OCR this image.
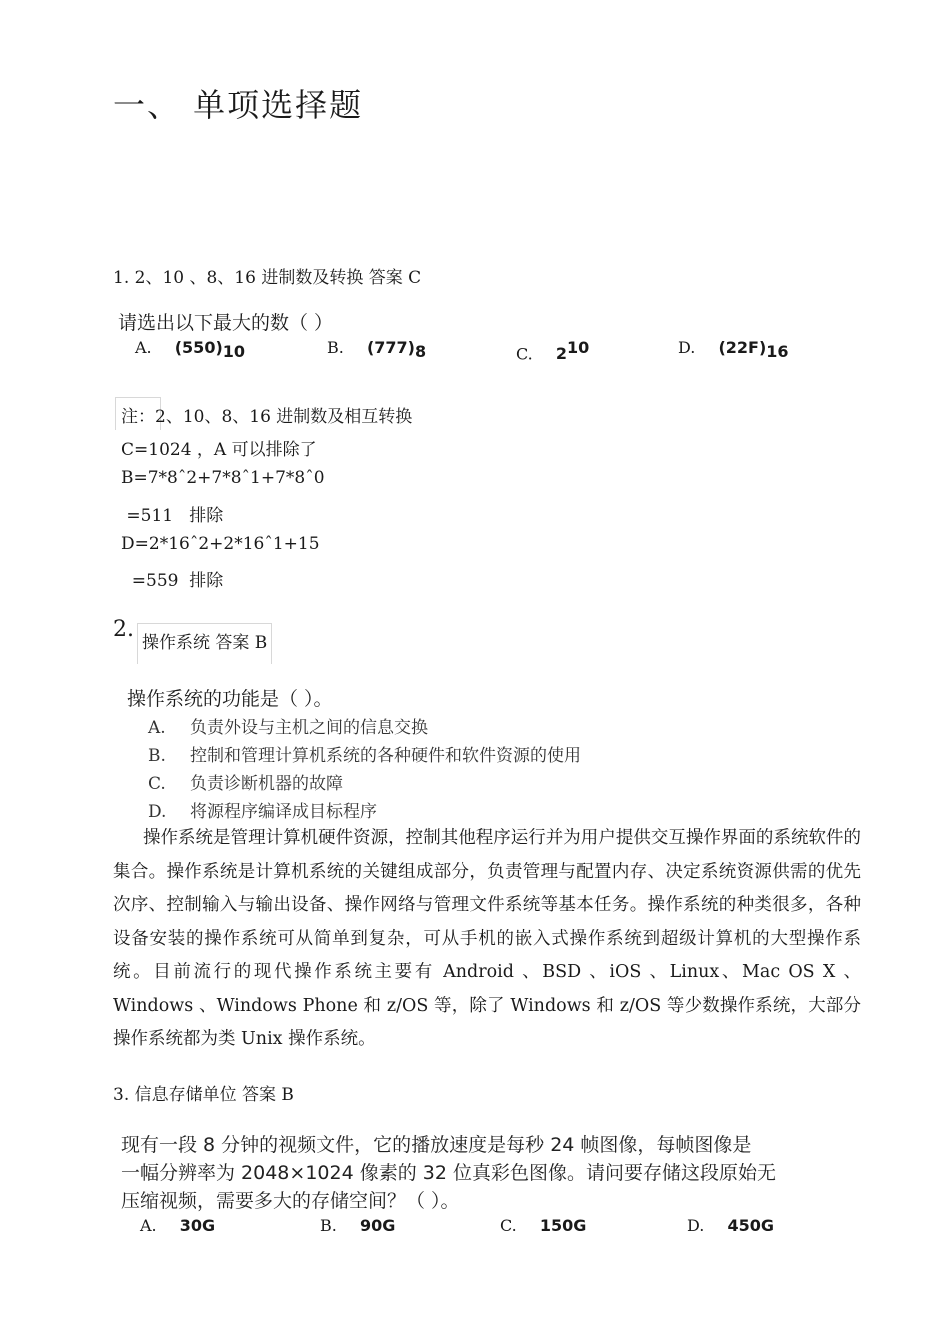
一、 单项选择题
1. 2、10 、8、16 进制数及转换 答案 C
请选出以下最大的数（ ）
A. $(550)_{10}$	B. $(777)_8$	C. $2^{10}$	D. $(22F)_{16}$
注：2、10、8、16 进制数及相互转换
C=1024 ，A 可以排除了
B=7*8ˆ2+7*8ˆ1+7*8ˆ0
=511   排除
D=2*16ˆ2+2*16ˆ1+15
=559  排除
2.
操作系统 答案 B
操作系统的功能是（ ）。
A. 负责外设与主机之间的信息交换
B. 控制和管理计算机系统的各种硬件和软件资源的使用
C. 负责诊断机器的故障
D. 将源程序编译成目标程序

操作系统是管理计算机硬件资源，控制其他程序运行并为用户提供交互操作界面的系统软件的集合。操作系统是计算机系统的关键组成部分，负责管理与配置内存、决定系统资源供需的优先次序、控制输入与输出设备、操作网络与管理文件系统等基本任务。操作系统的种类很多，各种设备安装的操作系统可从简单到复杂，可从手机的嵌入式操作系统到超级计算机的大型操作系统。目前流行的现代操作系统主要有 Android 、BSD 、iOS 、Linux、Mac OS X 、Windows 、Windows Phone 和 z/OS 等，除了 Windows 和 z/OS 等少数操作系统，大部分操作系统都为类 Unix 操作系统。

3. 信息存储单位 答案 B
现有一段 8 分钟的视频文件，它的播放速度是每秒 24 帧图像，每帧图像是
一幅分辨率为 2048×1024 像素的 32 位真彩色图像。请问要存储这段原始无
压缩视频，需要多大的存储空间？（ ）。
A. 30G	B. 90G	C. 150G	D. 450G
